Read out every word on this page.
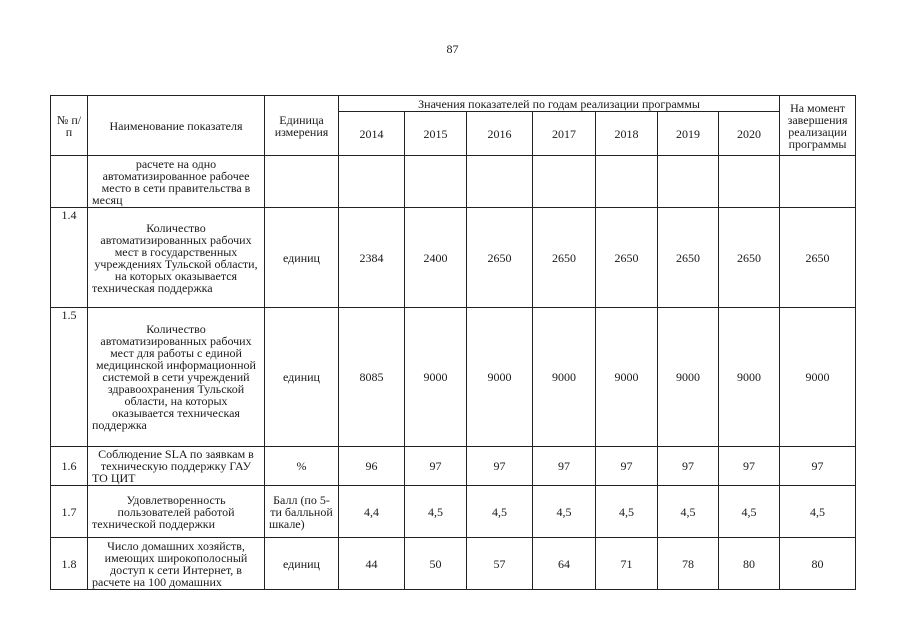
87
№ п/п	Наименование показателя	Единица измерения	Значения показателей по годам реализации программы							На момент завершения реализации программы
			2014	2015	2016	2017	2018	2019	2020	
	расчете на одно автоматизированное рабочее место в сети правительства в месяц									
1.4	Количество автоматизированных рабочих мест в государственных учреждениях Тульской области, на которых оказывается техническая поддержка	единиц	2384	2400	2650	2650	2650	2650	2650	2650
1.5	Количество автоматизированных рабочих мест для работы с единой медицинской информационной системой в сети учреждений здравоохранения Тульской области, на которых оказывается техническая поддержка	единиц	8085	9000	9000	9000	9000	9000	9000	9000
1.6	Соблюдение SLA по заявкам в техническую поддержку ГАУ ТО ЦИТ	%	96	97	97	97	97	97	97	97
1.7	Удовлетворенность пользователей работой технической поддержки	Балл (по 5-ти балльной шкале)	4,4	4,5	4,5	4,5	4,5	4,5	4,5	4,5
1.8	Число домашних хозяйств, имеющих широкополосный доступ к сети Интернет, в расчете на 100 домашних	единиц	44	50	57	64	71	78	80	80
